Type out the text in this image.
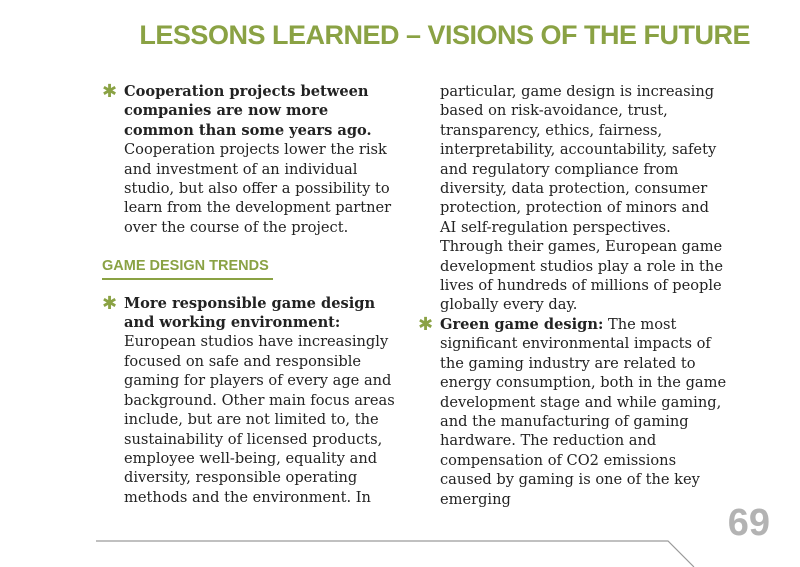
LESSONS LEARNED – VISIONS OF THE FUTURE
✱ Cooperation projects between companies are now more common than some years ago. Cooperation projects lower the risk and investment of an individual studio, but also offer a possibility to learn from the development partner over the course of the project.
GAME DESIGN TRENDS
✱ More responsible game design and working environment: European studios have increasingly focused on safe and responsible gaming for players of every age and background. Other main focus areas include, but are not limited to, the sustainability of licensed products, employee well-being, equality and diversity, responsible operating methods and the environment. In
particular, game design is increasing based on risk-avoidance, trust, transparency, ethics, fairness, interpretability, accountability, safety and regulatory compliance from diversity, data protection, consumer protection, protection of minors and AI self-regulation perspectives. Through their games, European game development studios play a role in the lives of hundreds of millions of people globally every day.
✱ Green game design: The most significant environmental impacts of the gaming industry are related to energy consumption, both in the game development stage and while gaming, and the manufacturing of gaming hardware. The reduction and compensation of CO2 emissions caused by gaming is one of the key emerging
69
